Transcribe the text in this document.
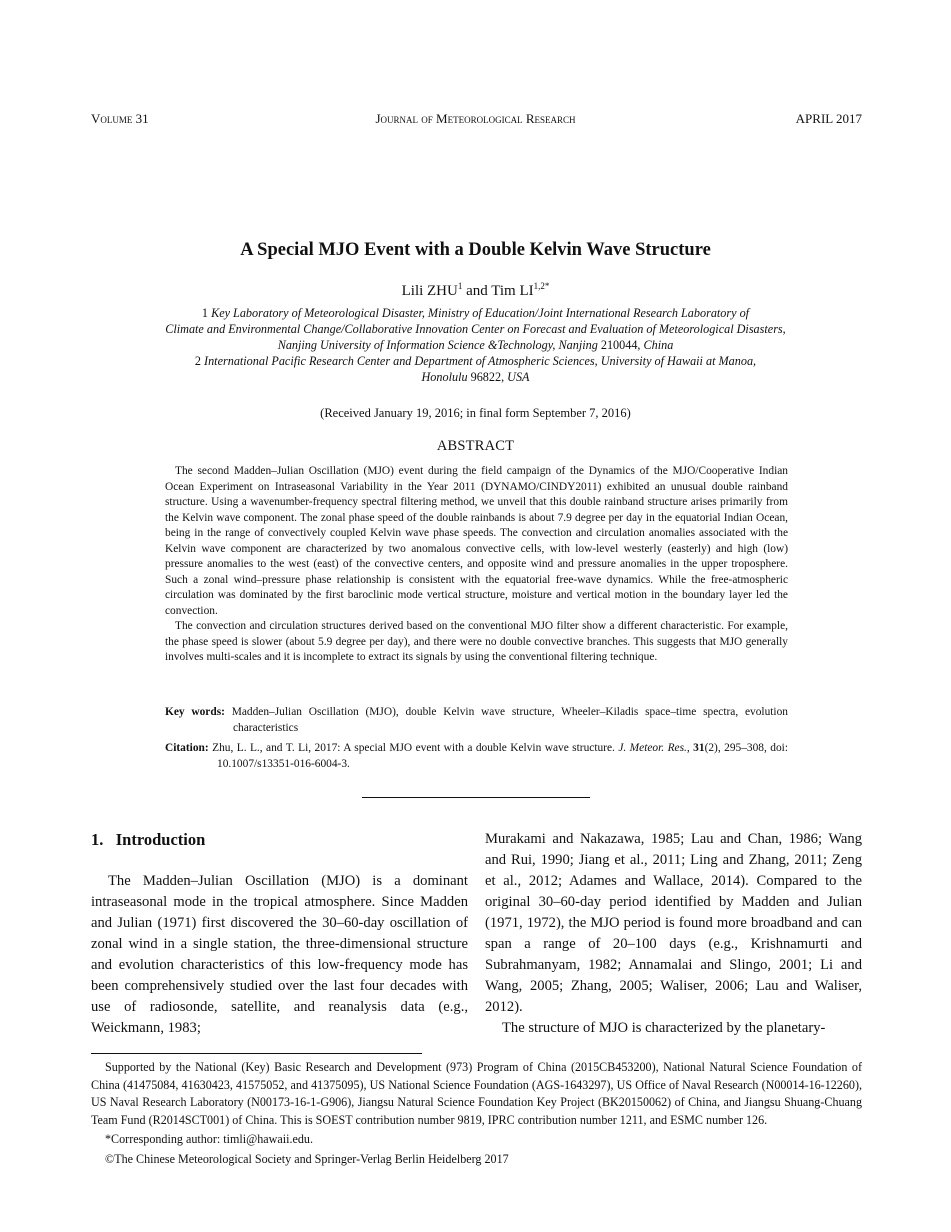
Volume 31	Journal of Meteorological Research	APRIL 2017
A Special MJO Event with a Double Kelvin Wave Structure
Lili ZHU$^1$ and Tim $LI^{1,2*}$
1 Key Laboratory of Meteorological Disaster, Ministry of Education/Joint International Research Laboratory of
Climate and Environmental Change/Collaborative Innovation Center on Forecast and Evaluation of Meteorological Disasters,
Nanjing University of Information Science &Technology, Nanjing 210044, China
2 International Pacific Research Center and Department of Atmospheric Sciences, University of Hawaii at Manoa,
Honolulu 96822, USA
(Received January 19, 2016; in final form September 7, 2016)
ABSTRACT

The second Madden–Julian Oscillation (MJO) event during the field campaign of the Dynamics of the MJO/Cooperative Indian Ocean Experiment on Intraseasonal Variability in the Year 2011 (DYNAMO/CINDY2011) exhibited an unusual double rainband structure. Using a wavenumber-frequency spectral filtering method, we unveil that this double rainband structure arises primarily from the Kelvin wave component. The zonal phase speed of the double rainbands is about 7.9 degree per day in the equatorial Indian Ocean, being in the range of convectively coupled Kelvin wave phase speeds. The convection and circulation anomalies associated with the Kelvin wave component are characterized by two anomalous convective cells, with low-level westerly (easterly) and high (low) pressure anomalies to the west (east) of the convective centers, and opposite wind and pressure anomalies in the upper troposphere. Such a zonal wind–pressure phase relationship is consistent with the equatorial free-wave dynamics. While the free-atmospheric circulation was dominated by the first baroclinic mode vertical structure, moisture and vertical motion in the boundary layer led the convection.

The convection and circulation structures derived based on the conventional MJO filter show a different characteristic. For example, the phase speed is slower (about 5.9 degree per day), and there were no double convective branches. This suggests that MJO generally involves multi-scales and it is incomplete to extract its signals by using the conventional filtering technique.

Key words: Madden–Julian Oscillation (MJO), double Kelvin wave structure, Wheeler–Kiladis space–time spectra, evolution characteristics
Citation: Zhu, L. L., and T. Li, 2017: A special MJO event with a double Kelvin wave structure. J. Meteor. Res., 31(2), 295–308, doi: 10.1007/s13351-016-6004-3.
1.   Introduction

The Madden–Julian Oscillation (MJO) is a dominant intraseasonal mode in the tropical atmosphere. Since Madden and Julian (1971) first discovered the 30–60-day oscillation of zonal wind in a single station, the three-dimensional structure and evolution characteristics of this low-frequency mode has been comprehensively studied over the last four decades with use of radiosonde, satellite, and reanalysis data (e.g., Weickmann, 1983;

Murakami and Nakazawa, 1985; Lau and Chan, 1986; Wang and Rui, 1990; Jiang et al., 2011; Ling and Zhang, 2011; Zeng et al., 2012; Adames and Wallace, 2014). Compared to the original 30–60-day period identified by Madden and Julian (1971, 1972), the MJO period is found more broadband and can span a range of 20–100 days (e.g., Krishnamurti and Subrahmanyam, 1982; Annamalai and Slingo, 2001; Li and Wang, 2005; Zhang, 2005; Waliser, 2006; Lau and Waliser, 2012).

The structure of MJO is characterized by the planetary-

Supported by the National (Key) Basic Research and Development (973) Program of China (2015CB453200), National Natural Science Foundation of China (41475084, 41630423, 41575052, and 41375095), US National Science Foundation (AGS-1643297), US Office of Naval Research (N00014-16-12260), US Naval Research Laboratory (N00173-16-1-G906), Jiangsu Natural Science Foundation Key Project (BK20150062) of China, and Jiangsu Shuang-Chuang Team Fund (R2014SCT001) of China. This is SOEST contribution number 9819, IPRC contribution number 1211, and ESMC number 126.

*Corresponding author: timli@hawaii.edu.

©The Chinese Meteorological Society and Springer-Verlag Berlin Heidelberg 2017
